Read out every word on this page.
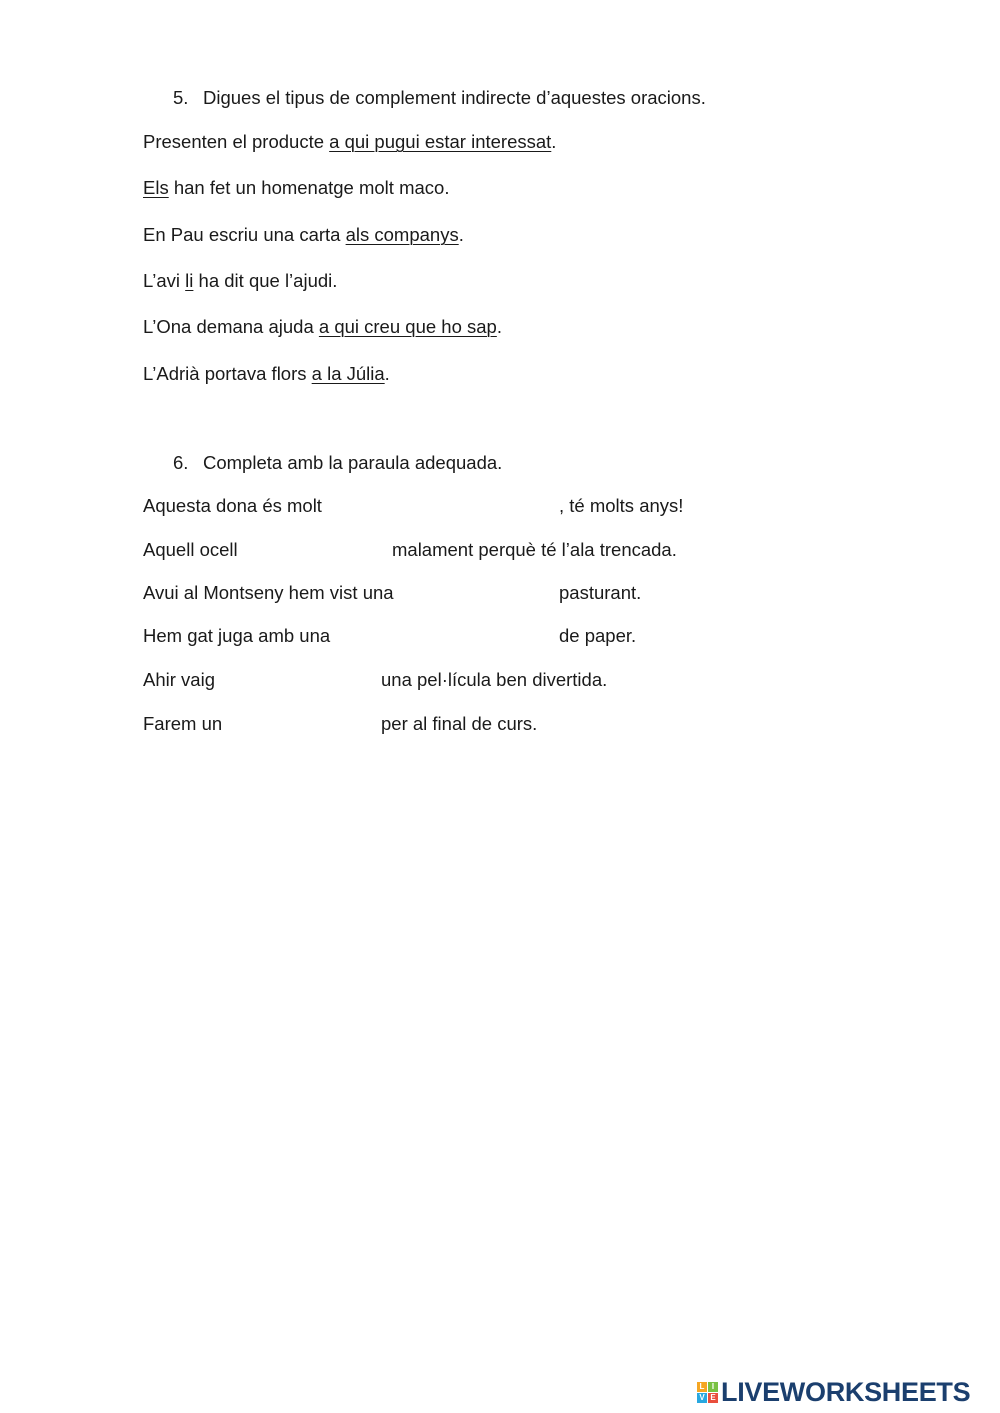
5. Digues el tipus de complement indirecte d’aquestes oracions.
Presenten el producte a qui pugui estar interessat.
Els han fet un homenatge molt maco.
En Pau escriu una carta als companys.
L’avi li ha dit que l’ajudi.
L’Ona demana ajuda a qui creu que ho sap.
L’Adrià portava flors a la Júlia.
6. Completa amb la paraula adequada.
Aquesta dona és molt	, té molts anys!
Aquell ocell	malament perquè té l’ala trencada.
Avui al Montseny hem vist una	pasturant.
Hem gat juga amb una	de paper.
Ahir vaig	una pel·lícula ben divertida.
Farem un	per al final de curs.
L I
V E LIVEWORKSHEETS
